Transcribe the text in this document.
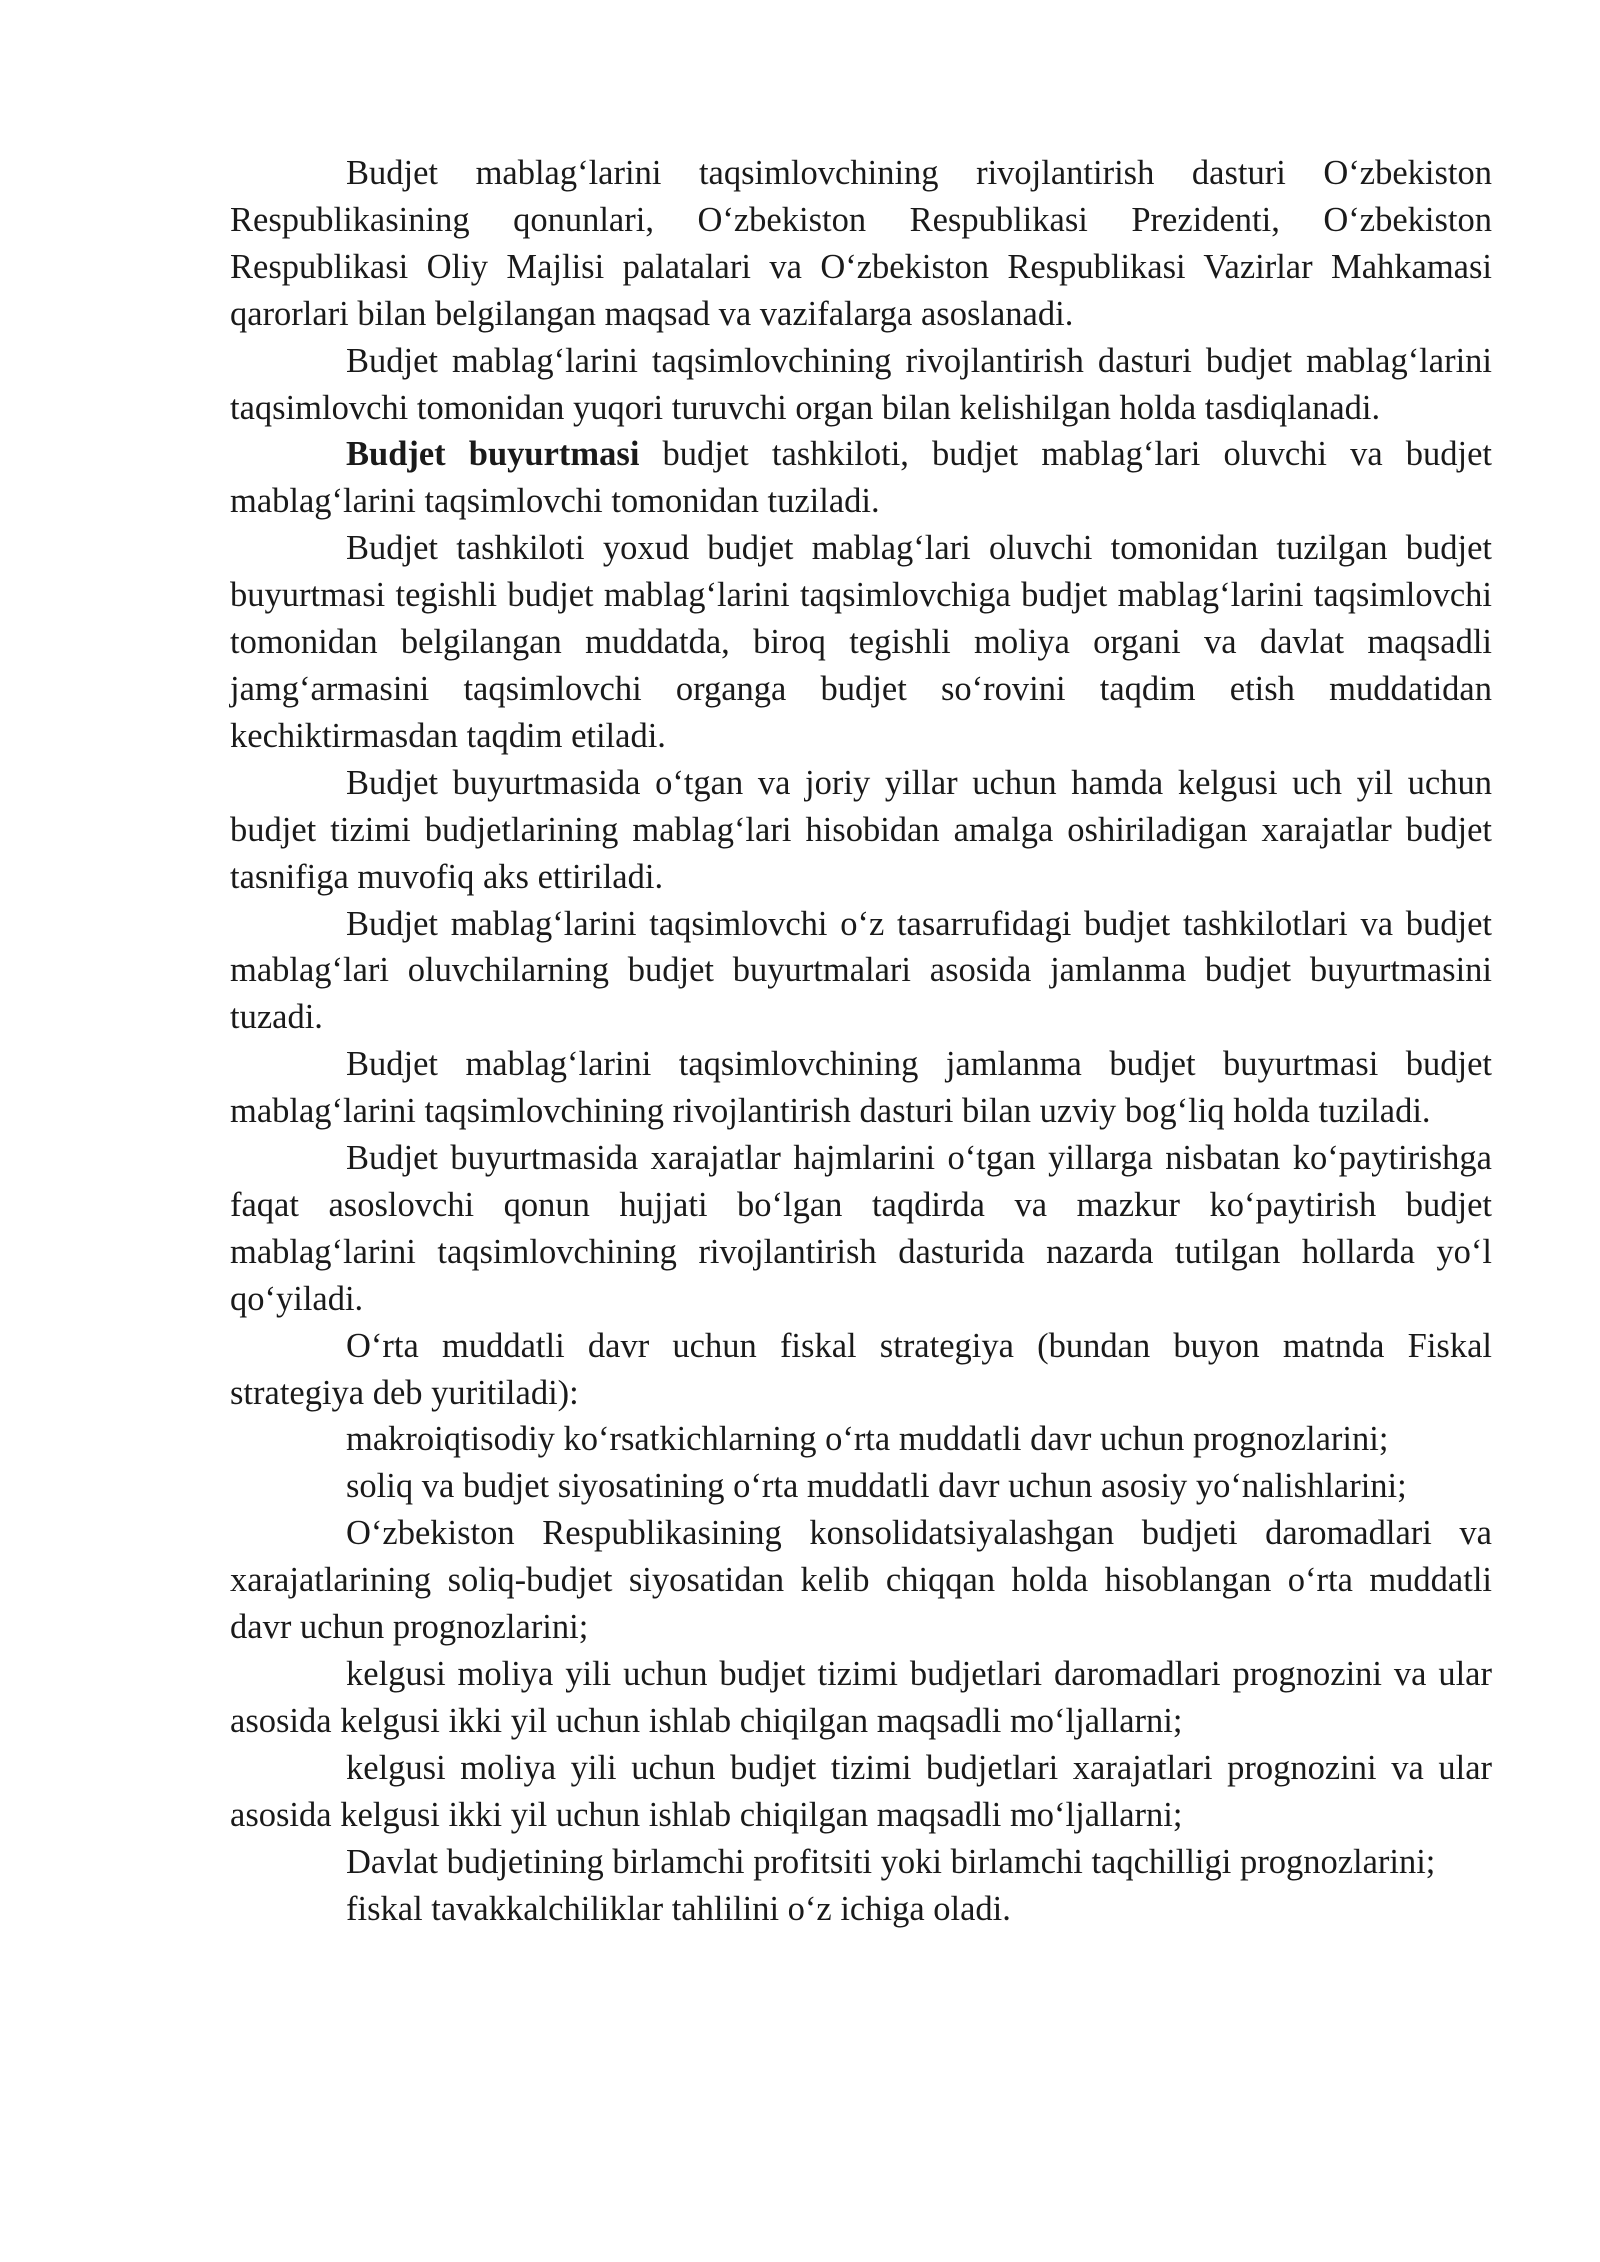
Budjet mablag‘larini taqsimlovchining rivojlantirish dasturi O‘zbekiston Respublikasining qonunlari, O‘zbekiston Respublikasi Prezidenti, O‘zbekiston Respublikasi Oliy Majlisi palatalari va O‘zbekiston Respublikasi Vazirlar Mahkamasi qarorlari bilan belgilangan maqsad va vazifalarga asoslanadi.

Budjet mablag‘larini taqsimlovchining rivojlantirish dasturi budjet mablag‘larini taqsimlovchi tomonidan yuqori turuvchi organ bilan kelishilgan holda tasdiqlanadi.

Budjet buyurtmasi budjet tashkiloti, budjet mablag‘lari oluvchi va budjet mablag‘larini taqsimlovchi tomonidan tuziladi.

Budjet tashkiloti yoxud budjet mablag‘lari oluvchi tomonidan tuzilgan budjet buyurtmasi tegishli budjet mablag‘larini taqsimlovchiga budjet mablag‘larini taqsimlovchi tomonidan belgilangan muddatda, biroq tegishli moliya organi va davlat maqsadli jamg‘armasini taqsimlovchi organga budjet so‘rovini taqdim etish muddatidan kechiktirmasdan taqdim etiladi.

Budjet buyurtmasida o‘tgan va joriy yillar uchun hamda kelgusi uch yil uchun budjet tizimi budjetlarining mablag‘lari hisobidan amalga oshiriladigan xarajatlar budjet tasnifiga muvofiq aks ettiriladi.

Budjet mablag‘larini taqsimlovchi o‘z tasarrufidagi budjet tashkilotlari va budjet mablag‘lari oluvchilarning budjet buyurtmalari asosida jamlanma budjet buyurtmasini tuzadi.

Budjet mablag‘larini taqsimlovchining jamlanma budjet buyurtmasi budjet mablag‘larini taqsimlovchining rivojlantirish dasturi bilan uzviy bog‘liq holda tuziladi.

Budjet buyurtmasida xarajatlar hajmlarini o‘tgan yillarga nisbatan ko‘paytirishga faqat asoslovchi qonun hujjati bo‘lgan taqdirda va mazkur ko‘paytirish budjet mablag‘larini taqsimlovchining rivojlantirish dasturida nazarda tutilgan hollarda yo‘l qo‘yiladi.

O‘rta muddatli davr uchun fiskal strategiya (bundan buyon matnda Fiskal strategiya deb yuritiladi):

makroiqtisodiy ko‘rsatkichlarning o‘rta muddatli davr uchun prognozlarini;

soliq va budjet siyosatining o‘rta muddatli davr uchun asosiy yo‘nalishlarini;

O‘zbekiston Respublikasining konsolidatsiyalashgan budjeti daromadlari va xarajatlarining soliq-budjet siyosatidan kelib chiqqan holda hisoblangan o‘rta muddatli davr uchun prognozlarini;

kelgusi moliya yili uchun budjet tizimi budjetlari daromadlari prognozini va ular asosida kelgusi ikki yil uchun ishlab chiqilgan maqsadli mo‘ljallarni;

kelgusi moliya yili uchun budjet tizimi budjetlari xarajatlari prognozini va ular asosida kelgusi ikki yil uchun ishlab chiqilgan maqsadli mo‘ljallarni;

Davlat budjetining birlamchi profitsiti yoki birlamchi taqchilligi prognozlarini;

fiskal tavakkalchiliklar tahlilini o‘z ichiga oladi.
